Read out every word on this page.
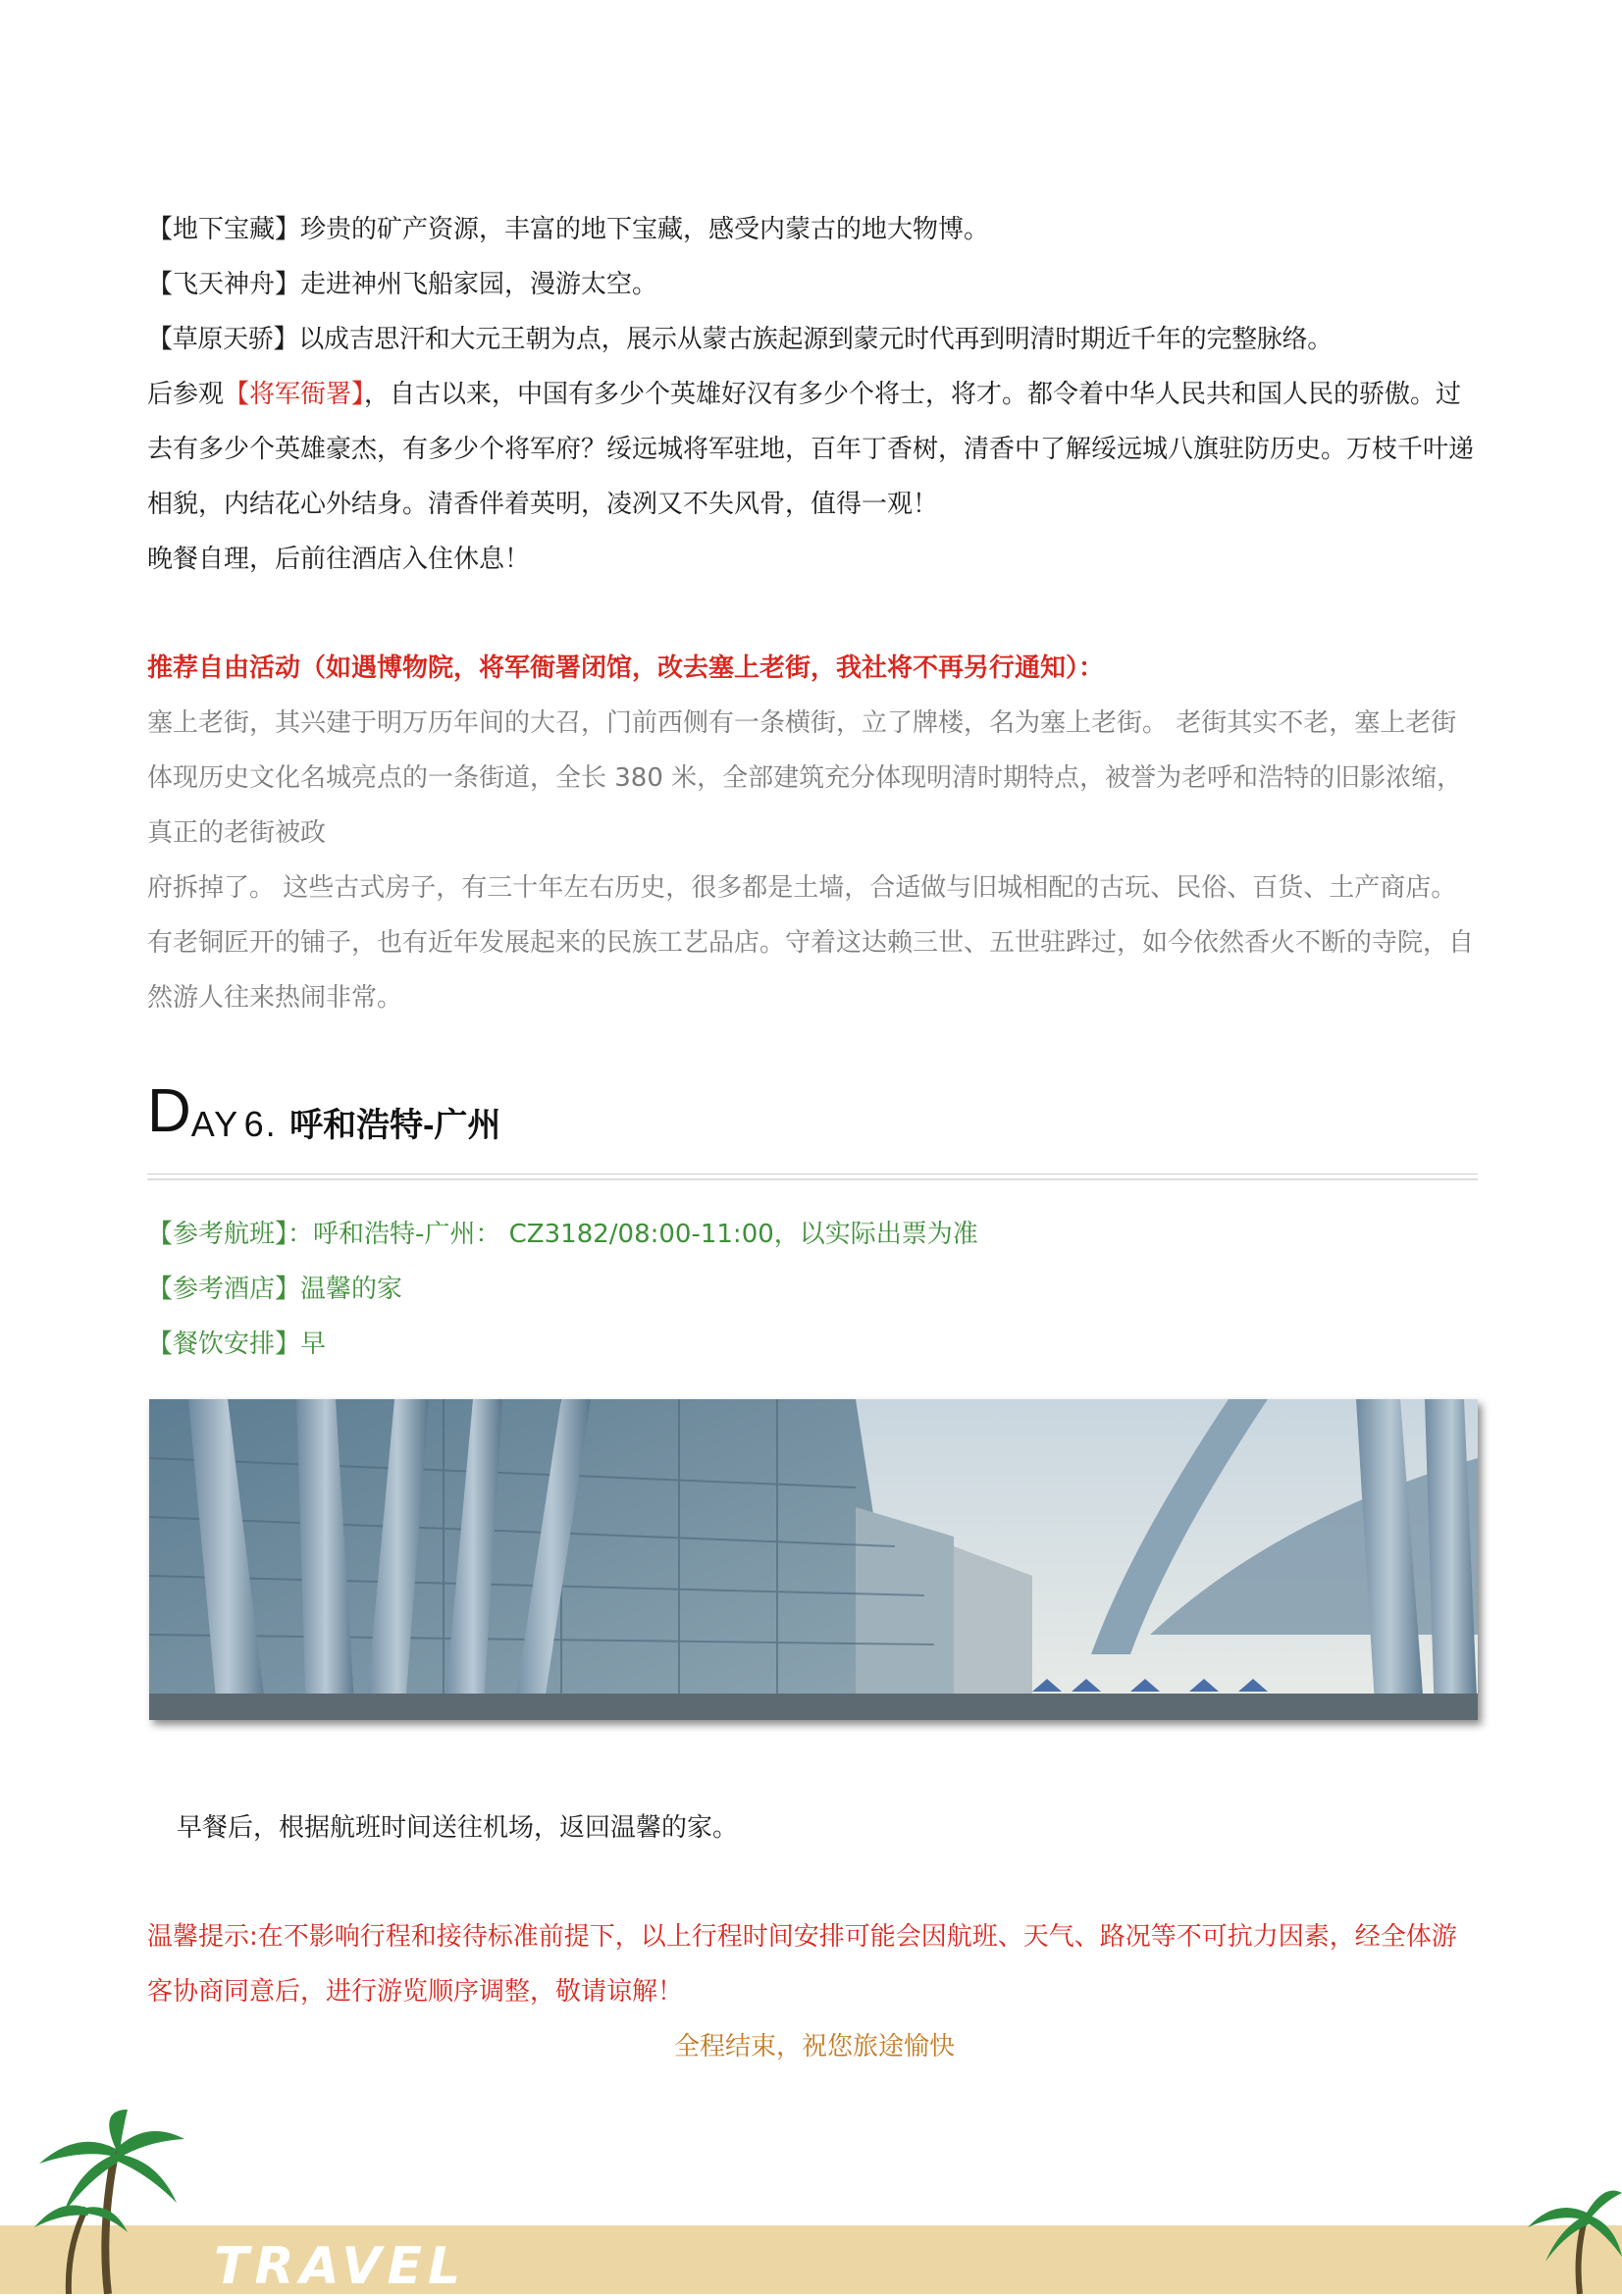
【地下宝藏】珍贵的矿产资源，丰富的地下宝藏，感受内蒙古的地大物博。

【飞天神舟】走进神州飞船家园，漫游太空。

【草原天骄】以成吉思汗和大元王朝为点，展示从蒙古族起源到蒙元时代再到明清时期近千年的完整脉络。

后参观【将军衙署】，自古以来，中国有多少个英雄好汉有多少个将士，将才。都令着中华人民共和国人民的骄傲。过去有多少个英雄豪杰，有多少个将军府？绥远城将军驻地，百年丁香树，清香中了解绥远城八旗驻防历史。万枝千叶递相貌，内结花心外结身。清香伴着英明，凌冽又不失风骨，值得一观！

晚餐自理，后前往酒店入住休息！

推荐自由活动（如遇博物院，将军衙署闭馆，改去塞上老街，我社将不再另行通知）：

塞上老街，其兴建于明万历年间的大召，门前西侧有一条横街，立了牌楼，名为塞上老街。 老街其实不老，塞上老街体现历史文化名城亮点的一条街道，全长 380 米，全部建筑充分体现明清时期特点，被誉为老呼和浩特的旧影浓缩，真正的老街被政

府拆掉了。 这些古式房子，有三十年左右历史，很多都是土墙，合适做与旧城相配的古玩、民俗、百货、土产商店。有老铜匠开的铺子，也有近年发展起来的民族工艺品店。守着这达赖三世、五世驻跸过，如今依然香火不断的寺院，自然游人往来热闹非常。

DAY 6. 呼和浩特-广州

【参考航班】：呼和浩特-广州： CZ3182/08:00-11:00，以实际出票为准

【参考酒店】温馨的家

【餐饮安排】早

早餐后，根据航班时间送往机场，返回温馨的家。

温馨提示:在不影响行程和接待标准前提下，以上行程时间安排可能会因航班、天气、路况等不可抗力因素，经全体游客协商同意后，进行游览顺序调整，敬请谅解！

全程结束，祝您旅途愉快

TRAVEL
